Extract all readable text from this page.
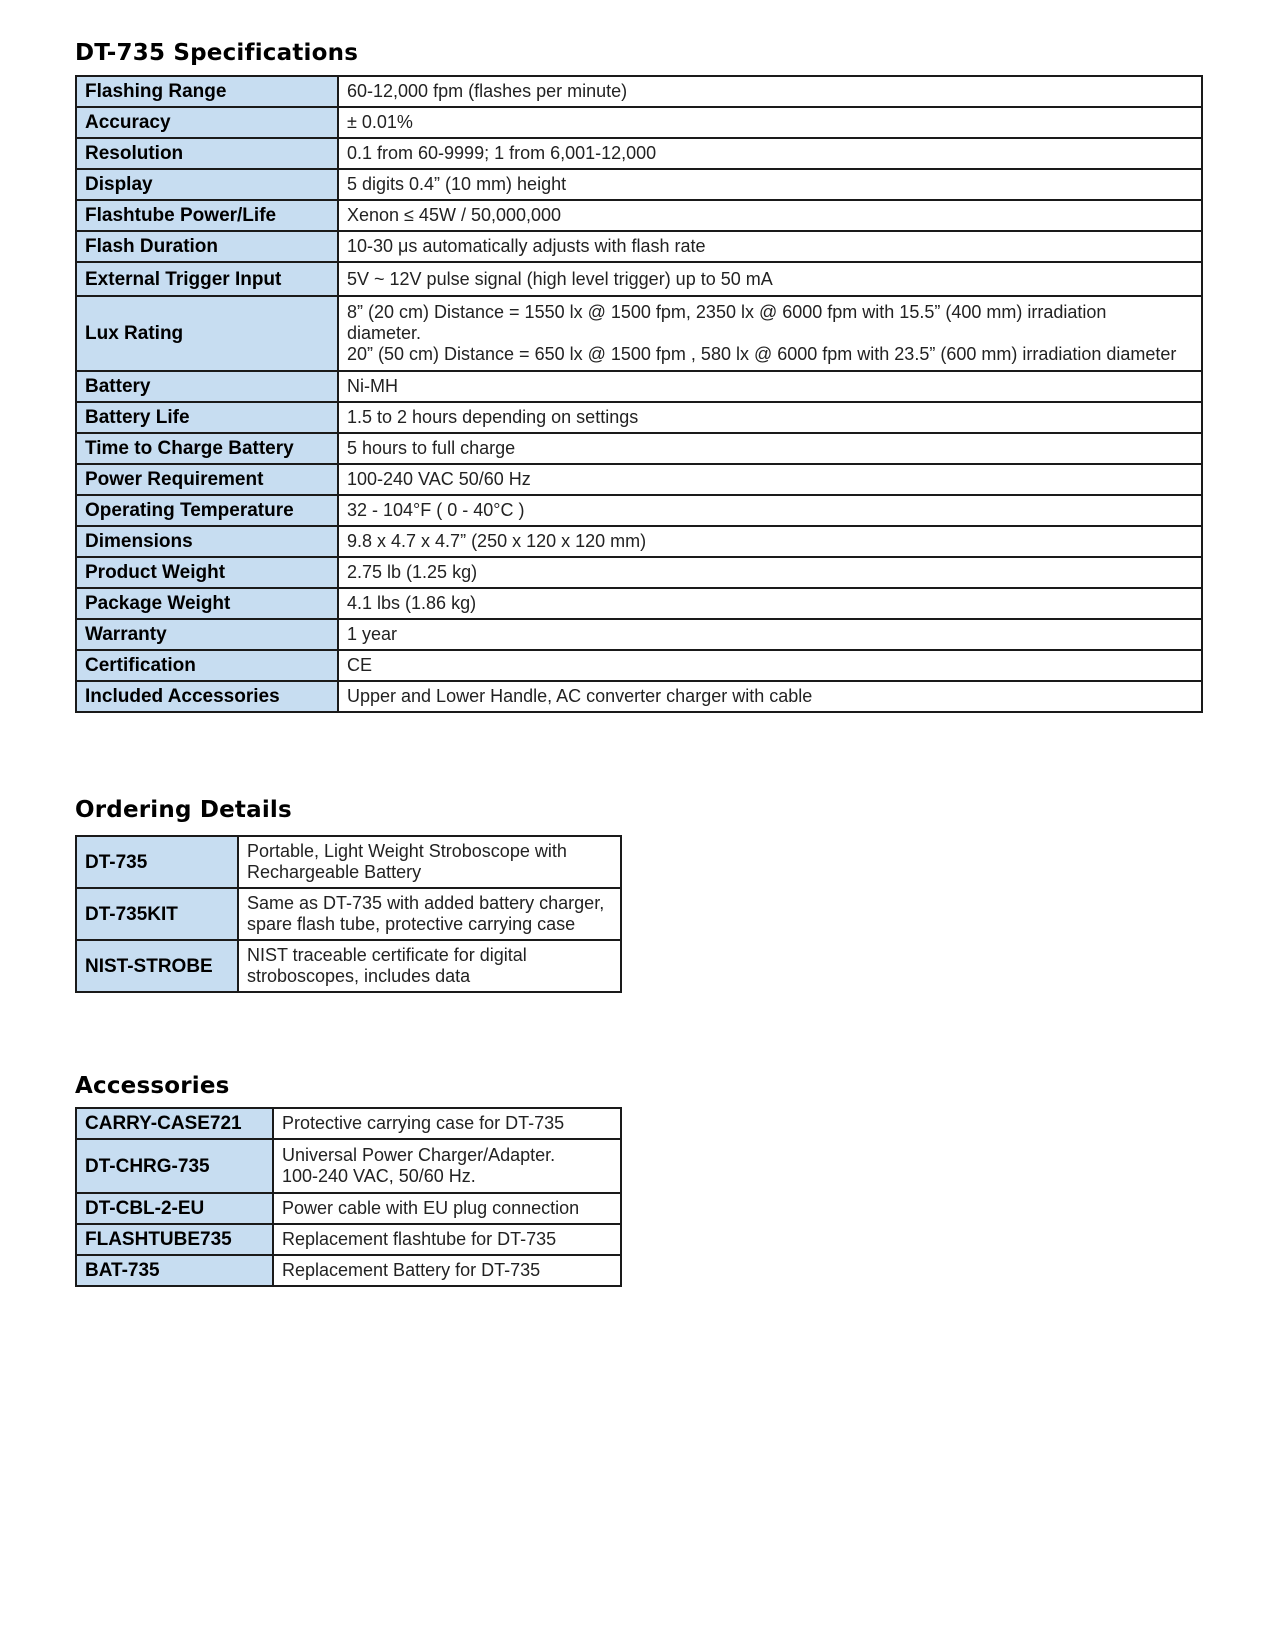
DT-735 Specifications
Flashing Range	60-12,000 fpm (flashes per minute)

Accuracy	± 0.01%

Resolution	0.1 from 60-9999; 1 from 6,001-12,000

Display	5 digits 0.4” (10 mm) height

Flashtube Power/Life	Xenon ≤ 45W / 50,000,000

Flash Duration	10-30 μs automatically adjusts with flash rate

External Trigger Input	5V ~ 12V pulse signal (high level trigger) up to 50 mA

Lux Rating	8” (20 cm) Distance = 1550 lx @ 1500 fpm, 2350 lx @ 6000 fpm with 15.5” (400 mm) irradiation
diameter.
20” (50 cm) Distance = 650 lx @ 1500 fpm , 580 lx @ 6000 fpm with 23.5” (600 mm) irradiation diameter

Battery	Ni-MH

Battery Life	1.5 to 2 hours depending on settings

Time to Charge Battery	5 hours to full charge

Power Requirement	100-240 VAC 50/60 Hz

Operating Temperature	32 - 104°F ( 0 - 40°C )

Dimensions	9.8 x 4.7 x 4.7” (250 x 120 x 120 mm)

Product Weight	2.75 lb (1.25 kg)

Package Weight	4.1 lbs (1.86 kg)

Warranty	1 year

Certification	CE

Included Accessories	Upper and Lower Handle, AC converter charger with cable
Ordering Details
DT-735	Portable, Light Weight Stroboscope with
Rechargeable Battery

DT-735KIT	Same as DT-735 with added battery charger,
spare flash tube, protective carrying case

NIST-STROBE	NIST traceable certificate for digital
stroboscopes, includes data
Accessories
CARRY-CASE721	Protective carrying case for DT-735

DT-CHRG-735	Universal Power Charger/Adapter.
100-240 VAC, 50/60 Hz.

DT-CBL-2-EU	Power cable with EU plug connection

FLASHTUBE735	Replacement flashtube for DT-735

BAT-735	Replacement Battery for DT-735
